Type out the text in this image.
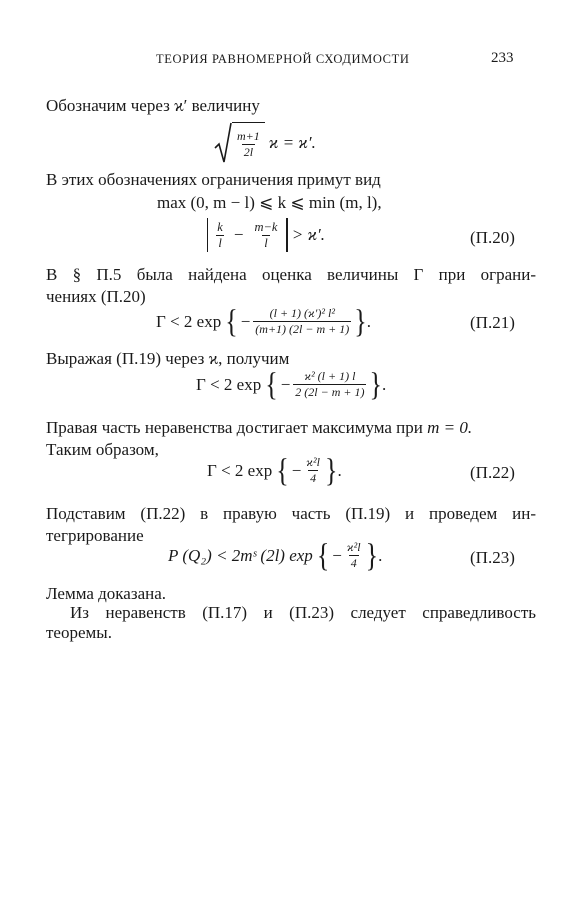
ТЕОРИЯ РАВНОМЕРНОЙ СХОДИМОСТИ	233
Обозначим через ϰ′ величину
$\frac{m+1}{2l}$ ϰ = ϰ′.
В этих обозначениях ограничения примут вид
max (0, m − l) ⩽ k ⩽ min (m, l),
$\frac{k}{l} - \frac{m-k}{l} > ϰ'$.	(П.20)
В § П.5 была найдена оценка величины Γ при ограни-
чениях (П.20)
Γ < 2 exp { − $\frac{\text{(l + 1) (ϰ′)² l²}}{(m+1) (2l - m + 1)}$ } .	(П.21)
Выражая (П.19) через ϰ, получим
Γ < 2 exp { − $\frac{\text{ϰ² (l + 1) l}}{2 (2l - m + 1)}$ } .
Правая часть неравенства достигает максимума при m = 0.
Таким образом,
Γ < 2 exp { − $\frac{\text{ϰ²l}}{4}$ } .	(П.22)
Подставим (П.22) в правую часть (П.19) и проведем ин-
тегрирование
P (Q₂) < 2mˢ (2l) exp { − $\frac{\text{ϰ²l}}{4}$ } .	(П.23)
Лемма доказана.
Из неравенств (П.17) и (П.23) следует справедливость
теоремы.
